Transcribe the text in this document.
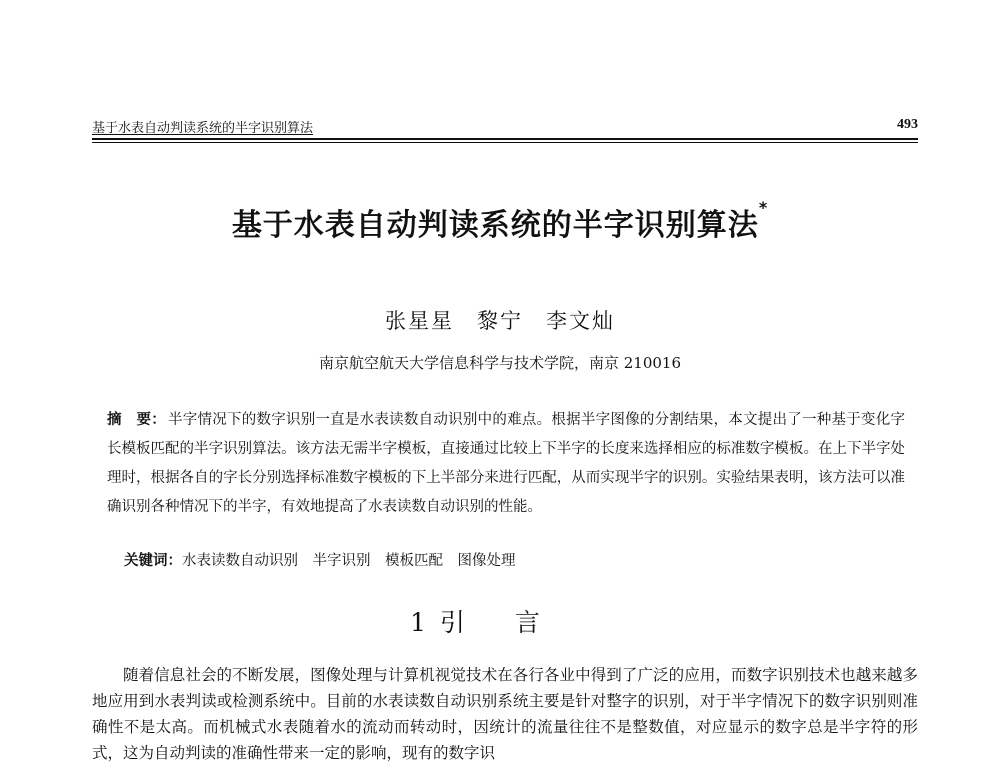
基于水表自动判读系统的半字识别算法	493
基于水表自动判读系统的半字识别算法*
张星星　黎宁　李文灿
南京航空航天大学信息科学与技术学院，南京 210016
摘　要： 半字情况下的数字识别一直是水表读数自动识别中的难点。根据半字图像的分割结果，本文提出了一种基于变化字长模板匹配的半字识别算法。该方法无需半字模板，直接通过比较上下半字的长度来选择相应的标准数字模板。在上下半字处理时，根据各自的字长分别选择标准数字模板的下上半部分来进行匹配，从而实现半字的识别。实验结果表明，该方法可以准确识别各种情况下的半字，有效地提高了水表读数自动识别的性能。
关键词：水表读数自动识别　半字识别　模板匹配　图像处理
1 引言
随着信息社会的不断发展，图像处理与计算机视觉技术在各行各业中得到了广泛的应用，而数字识别技术也越来越多地应用到水表判读或检测系统中。目前的水表读数自动识别系统主要是针对整字的识别，对于半字情况下的数字识别则准确性不是太高。而机械式水表随着水的流动而转动时，因统计的流量往往不是整数值，对应显示的数字总是半字符的形式，这为自动判读的准确性带来一定的影响，现有的数字识
